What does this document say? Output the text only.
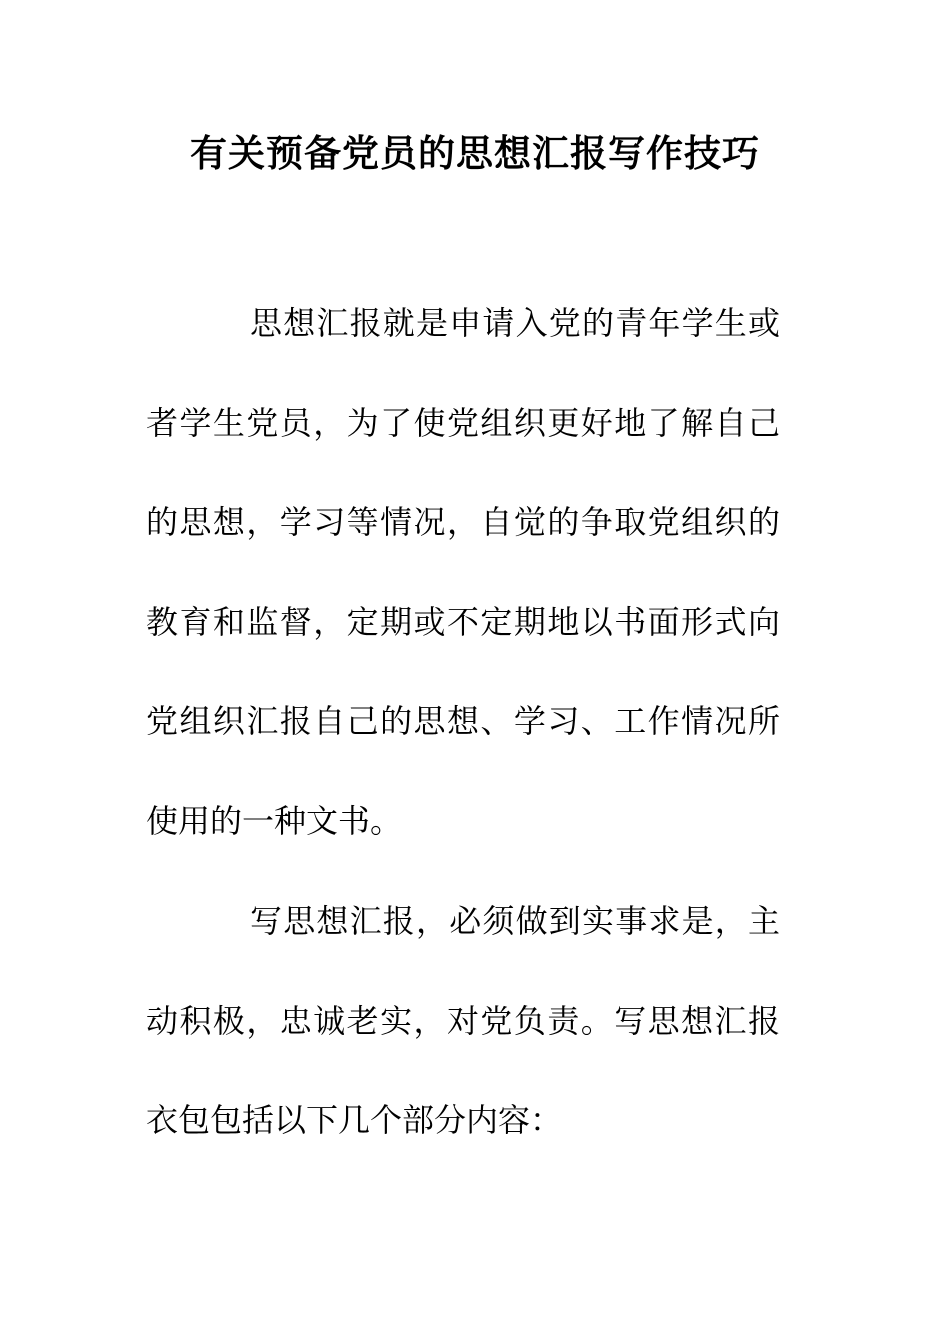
有关预备党员的思想汇报写作技巧

思想汇报就是申请入党的青年学生或者学生党员，为了使党组织更好地了解自己的思想，学习等情况，自觉的争取党组织的教育和监督，定期或不定期地以书面形式向党组织汇报自己的思想、学习、工作情况所使用的一种文书。

写思想汇报，必须做到实事求是，主动积极，忠诚老实，对党负责。写思想汇报衣包包括以下几个部分内容：
